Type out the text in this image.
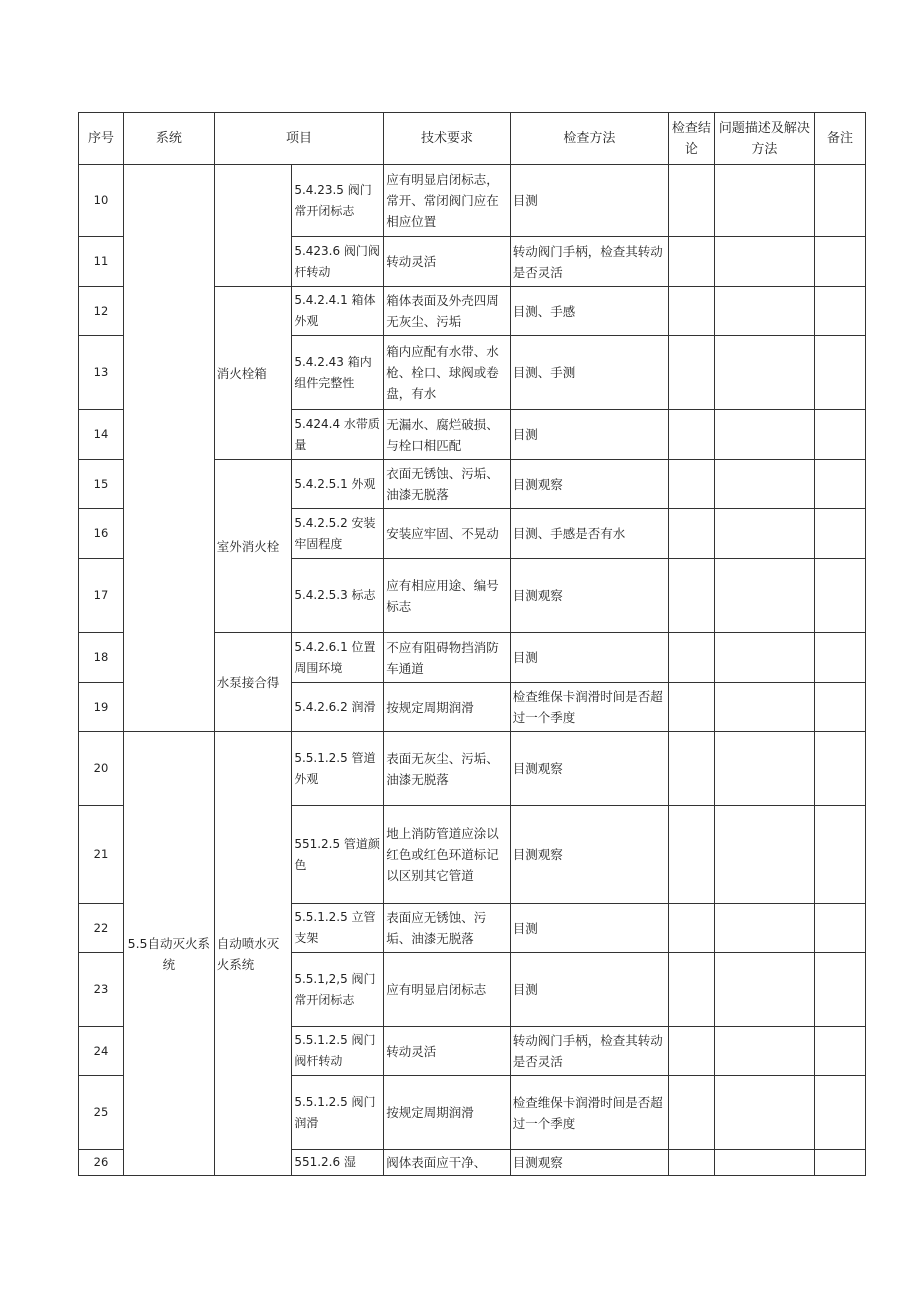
序号	系统	项目		技术要求	检查方法	检查结论	问题描述及解决方法	备注
10			5.4.23.5 阀门常开闭标志	应有明显启闭标志，常开、常闭阀门应在相应位置	目测			
11			5.423.6 阀门阀杆转动	转动灵活	转动阀门手柄，检查其转动是否灵活			
12		消火栓箱	5.4.2.4.1 箱体外观	箱体表面及外壳四周无灰尘、污垢	目测、手感			
13			5.4.2.43 箱内组件完整性	箱内应配有水带、水枪、栓口、球阀或卷盘，有水	目测、手测			
14			5.424.4 水带质量	无漏水、腐烂破损、与栓口相匹配	目测			
15		室外消火栓	5.4.2.5.1 外观	衣面无锈蚀、污垢、油漆无脱落	目测观察			
16			5.4.2.5.2 安装牢固程度	安装应牢固、不晃动	目测、手感是否有水			
17			5.4.2.5.3 标志	应有相应用途、编号标志	目测观察			
18		水泵接合得	5.4.2.6.1 位置周围环境	不应有阻碍物挡消防车通道	目测			
19			5.4.2.6.2 润滑	按规定周期润滑	检查维保卡润滑时间是否超过一个季度			
20	5.5自动灭火系统	自动喷水灭火系统	5.5.1.2.5 管道外观	表面无灰尘、污垢、油漆无脱落	目测观察			
21			551.2.5 管道颜色	地上消防管道应涂以红色或红色环道标记以区别其它管道	目测观察			
22			5.5.1.2.5 立管支架	表面应无锈蚀、污垢、油漆无脱落	目测			
23			5.5.1,2,5 阀门常开闭标志	应有明显启闭标志	目测			
24			5.5.1.2.5 阀门阀杆转动	转动灵活	转动阀门手柄，检查其转动是否灵活			
25			5.5.1.2.5 阀门润滑	按规定周期润滑	检查维保卡润滑时间是否超过一个季度			
26			551.2.6 湿	阀体表面应干净、	目测观察			
